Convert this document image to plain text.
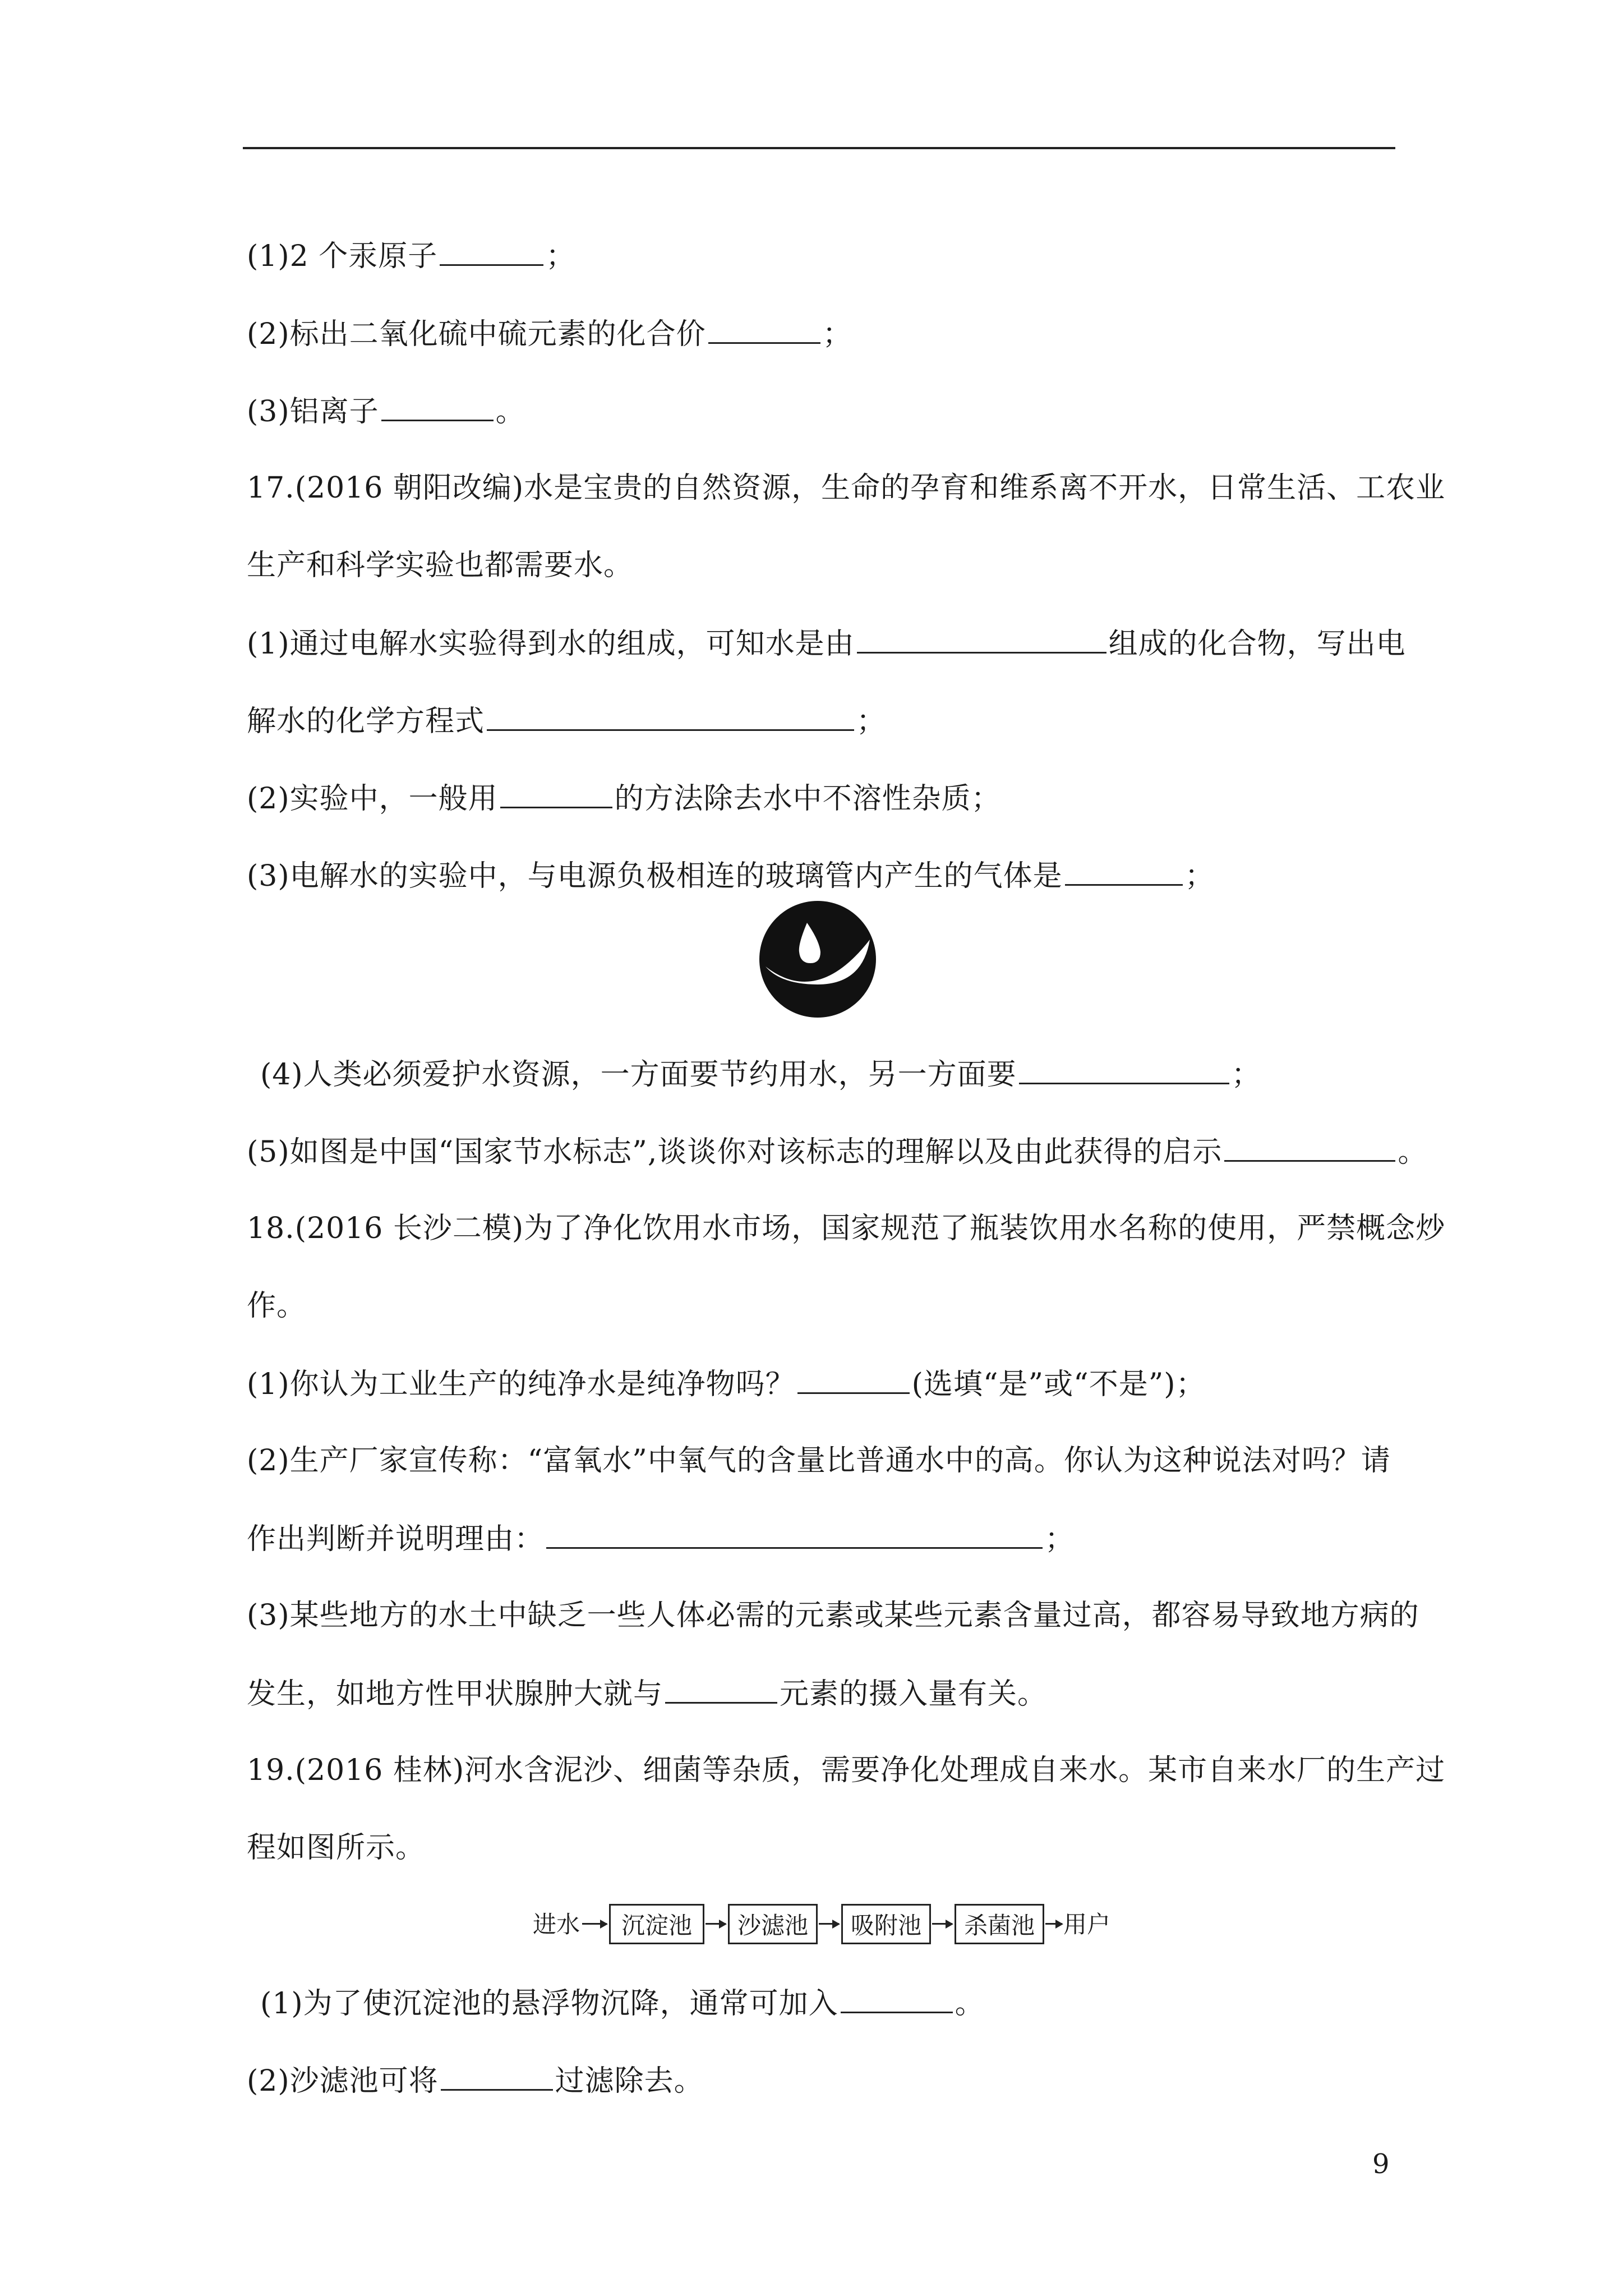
(1)2 个汞原子	；
(2)标出二氧化硫中硫元素的化合价	；
(3)铝离子	。
17.(2016 朝阳改编)水是宝贵的自然资源，生命的孕育和维系离不开水，日常生活、工农业
生产和科学实验也都需要水。
(1)通过电解水实验得到水的组成，可知水是由	组成的化合物，写出电
解水的化学方程式	；
(2)实验中，一般用	的方法除去水中不溶性杂质；
(3)电解水的实验中，与电源负极相连的玻璃管内产生的气体是	；
(4)人类必须爱护水资源，一方面要节约用水，另一方面要	；
(5)如图是中国“国家节水标志”,谈谈你对该标志的理解以及由此获得的启示	。
18.(2016 长沙二模)为了净化饮用水市场，国家规范了瓶装饮用水名称的使用，严禁概念炒
作。
(1)你认为工业生产的纯净水是纯净物吗？	(选填“是”或“不是”)；
(2)生产厂家宣传称：“富氧水”中氧气的含量比普通水中的高。你认为这种说法对吗？请
作出判断并说明理由：	；
(3)某些地方的水土中缺乏一些人体必需的元素或某些元素含量过高，都容易导致地方病的
发生，如地方性甲状腺肿大就与	元素的摄入量有关。
19.(2016 桂林)河水含泥沙、细菌等杂质，需要净化处理成自来水。某市自来水厂的生产过
程如图所示。
进水 沉淀池 沙滤池 吸附池 杀菌池 用户
(1)为了使沉淀池的悬浮物沉降，通常可加入	。
(2)沙滤池可将	过滤除去。
9
